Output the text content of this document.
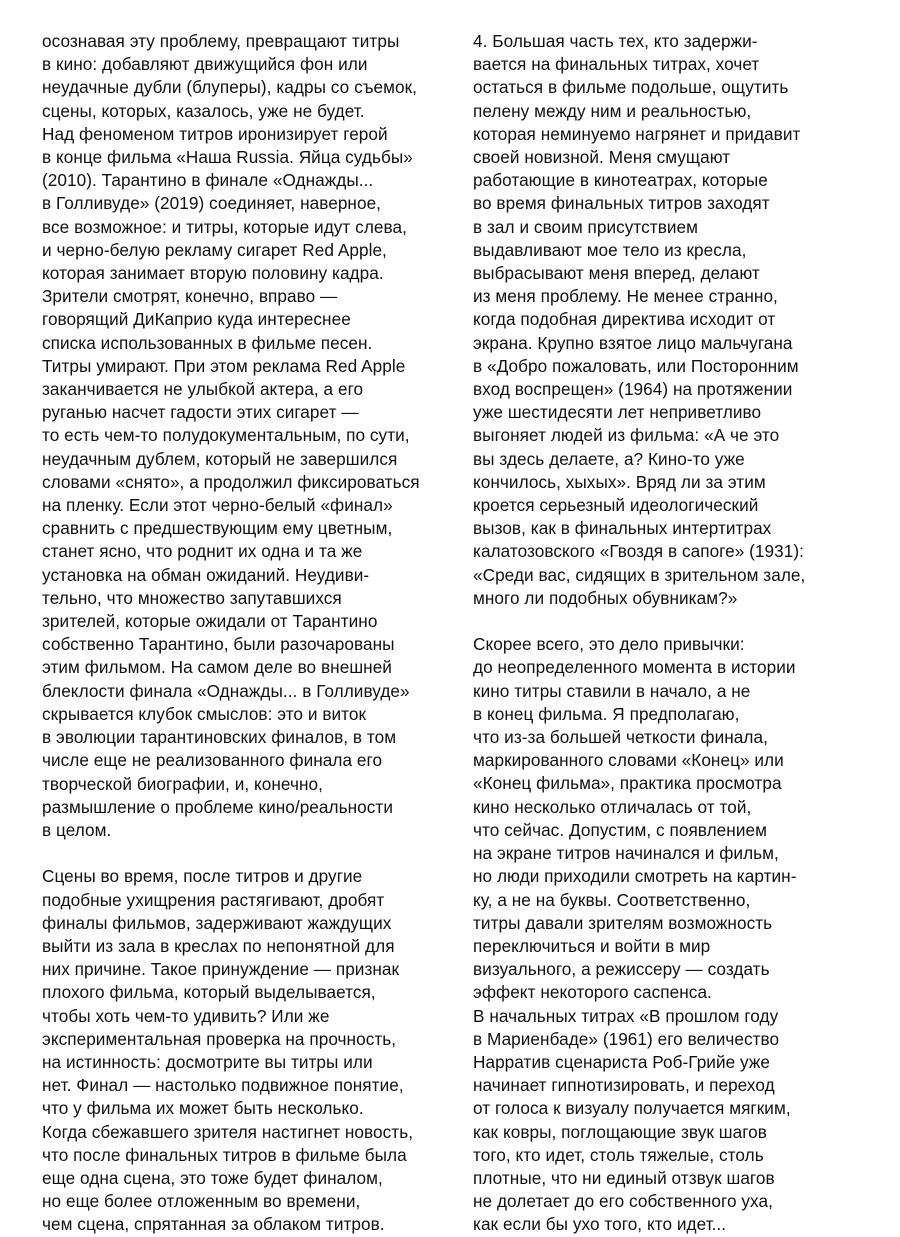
осознавая эту проблему, превращают титры
в кино: добавляют движущийся фон или
неудачные дубли (блуперы), кадры со съемок,
сцены, которых, казалось, уже не будет.
Над феноменом титров иронизирует герой
в конце фильма «Наша Russia. Яйца судьбы»
(2010). Тарантино в финале «Однажды...
в Голливуде» (2019) соединяет, наверное,
все возможное: и титры, которые идут слева,
и черно-белую рекламу сигарет Red Apple,
которая занимает вторую половину кадра.
Зрители смотрят, конечно, вправо —
говорящий ДиКаприо куда интереснее
списка использованных в фильме песен.
Титры умирают. При этом реклама Red Apple
заканчивается не улыбкой актера, а его
руганью насчет гадости этих сигарет —
то есть чем-то полудокументальным, по сути,
неудачным дублем, который не завершился
словами «снято», а продолжил фиксироваться
на пленку. Если этот черно-белый «финал»
сравнить с предшествующим ему цветным,
станет ясно, что роднит их одна и та же
установка на обман ожиданий. Неудиви-
тельно, что множество запутавшихся
зрителей, которые ожидали от Тарантино
собственно Тарантино, были разочарованы
этим фильмом. На самом деле во внешней
блеклости финала «Однажды... в Голливуде»
скрывается клубок смыслов: это и виток
в эволюции тарантиновских финалов, в том
числе еще не реализованного финала его
творческой биографии, и, конечно,
размышление о проблеме кино/реальности
в целом.
Сцены во время, после титров и другие
подобные ухищрения растягивают, дробят
финалы фильмов, задерживают жаждущих
выйти из зала в креслах по непонятной для
них причине. Такое принуждение — признак
плохого фильма, который выделывается,
чтобы хоть чем-то удивить? Или же
экспериментальная проверка на прочность,
на истинность: досмотрите вы титры или
нет. Финал — настолько подвижное понятие,
что у фильма их может быть несколько.
Когда сбежавшего зрителя настигнет новость,
что после финальных титров в фильме была
еще одна сцена, это тоже будет финалом,
но еще более отложенным во времени,
чем сцена, спрятанная за облаком титров.
4. Большая часть тех, кто задержи-
вается на финальных титрах, хочет
остаться в фильме подольше, ощутить
пелену между ним и реальностью,
которая неминуемо нагрянет и придавит
своей новизной. Меня смущают
работающие в кинотеатрах, которые
во время финальных титров заходят
в зал и своим присутствием
выдавливают мое тело из кресла,
выбрасывают меня вперед, делают
из меня проблему. Не менее странно,
когда подобная директива исходит от
экрана. Крупно взятое лицо мальчугана
в «Добро пожаловать, или Посторонним
вход воспрещен» (1964) на протяжении
уже шестидесяти лет неприветливо
выгоняет людей из фильма: «А че это
вы здесь делаете, а? Кино-то уже
кончилось, хыхых». Вряд ли за этим
кроется серьезный идеологический
вызов, как в финальных интертитрах
калатозовского «Гвоздя в сапоге» (1931):
«Среди вас, сидящих в зрительном зале,
много ли подобных обувникам?»
Скорее всего, это дело привычки:
до неопределенного момента в истории
кино титры ставили в начало, а не
в конец фильма. Я предполагаю,
что из-за большей четкости финала,
маркированного словами «Конец» или
«Конец фильма», практика просмотра
кино несколько отличалась от той,
что сейчас. Допустим, с появлением
на экране титров начинался и фильм,
но люди приходили смотреть на картин-
ку, а не на буквы. Соответственно,
титры давали зрителям возможность
переключиться и войти в мир
визуального, а режиссеру — создать
эффект некоторого саспенса.
В начальных титрах «В прошлом году
в Мариенбаде» (1961) его величество
Нарратив сценариста Роб-Грийе уже
начинает гипнотизировать, и переход
от голоса к визуалу получается мягким,
как ковры, поглощающие звук шагов
того, кто идет, столь тяжелые, столь
плотные, что ни единый отзвук шагов
не долетает до его собственного уха,
как если бы ухо того, кто идет...
